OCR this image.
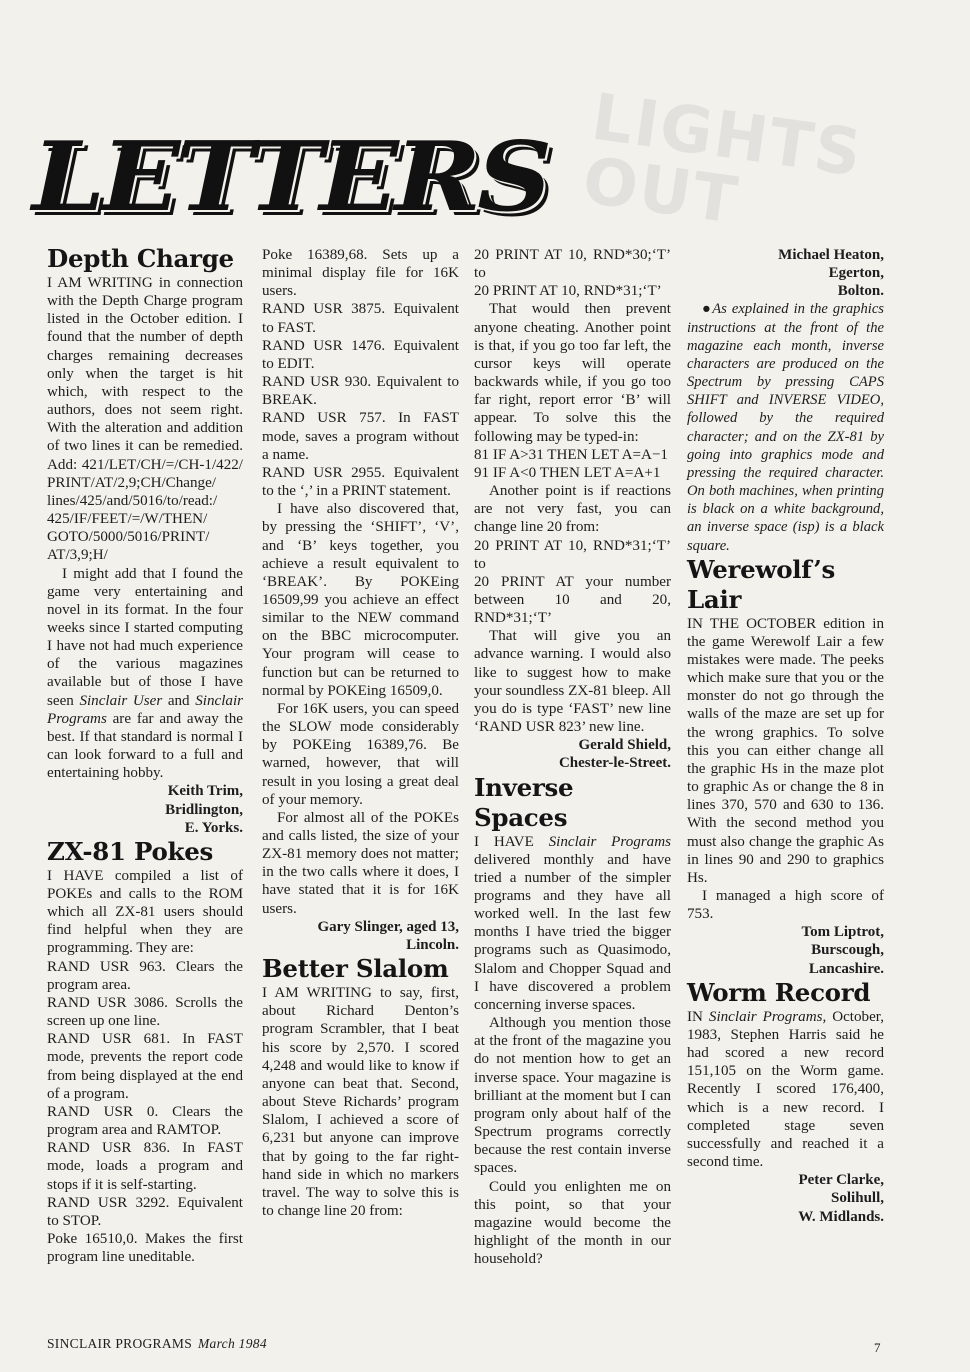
LIGHTS OUT
LETTERS
Depth Charge

I AM WRITING in connection with the Depth Charge program listed in the October edition. I found that the number of depth charges remaining decreases only when the target is hit which, with respect to the authors, does not seem right. With the alteration and addition of two lines it can be remedied. Add: 421/LET/CH/=/CH-1/422/ PRINT/AT/2,9;CH/Change/ lines/425/and/5016/to/read:/ 425/IF/FEET/=/W/THEN/ GOTO/5000/5016/PRINT/ AT/3,9;H/

I might add that I found the game very entertaining and novel in its format. In the four weeks since I started computing I have not had much experience of the various magazines available but of those I have seen Sinclair User and Sinclair Programs are far and away the best. If that standard is normal I can look forward to a full and entertaining hobby.

Keith Trim,
Bridlington,
E. Yorks.
ZX-81 Pokes

I HAVE compiled a list of POKEs and calls to the ROM which all ZX-81 users should find helpful when they are programming. They are:

RAND USR 963. Clears the program area.

RAND USR 3086. Scrolls the screen up one line.

RAND USR 681. In FAST mode, prevents the report code from being displayed at the end of a program.

RAND USR 0. Clears the program area and RAMTOP.

RAND USR 836. In FAST mode, loads a program and stops if it is self-starting.

RAND USR 3292. Equivalent to STOP.

Poke 16510,0. Makes the first program line uneditable.

Poke 16389,68. Sets up a minimal display file for 16K users.

RAND USR 3875. Equivalent to FAST.

RAND USR 1476. Equivalent to EDIT.

RAND USR 930. Equivalent to BREAK.

RAND USR 757. In FAST mode, saves a program without a name.

RAND USR 2955. Equivalent to the ‘,’ in a PRINT statement.

I have also discovered that, by pressing the ‘SHIFT’, ‘V’, and ‘B’ keys together, you achieve a result equivalent to ‘BREAK’. By POKEing 16509,99 you achieve an effect similar to the NEW command on the BBC microcomputer. Your program will cease to function but can be returned to normal by POKEing 16509,0.

For 16K users, you can speed the SLOW mode considerably by POKEing 16389,76. Be warned, however, that will result in you losing a great deal of your memory.

For almost all of the POKEs and calls listed, the size of your ZX-81 memory does not matter; in the two calls where it does, I have stated that it is for 16K users.

Gary Slinger, aged 13,
Lincoln.
Better Slalom

I AM WRITING to say, first, about Richard Denton’s program Scrambler, that I beat his score by 2,570. I scored 4,248 and would like to know if anyone can beat that. Second, about Steve Richards’ program Slalom, I achieved a score of 6,231 but anyone can improve that by going to the far right-hand side in which no markers travel. The way to solve this is to change line 20 from:

20 PRINT AT 10, RND*30;‘T’ to

20 PRINT AT 10, RND*31;‘T’

That would then prevent anyone cheating. Another point is that, if you go too far left, the cursor keys will operate backwards while, if you go too far right, report error ‘B’ will appear. To solve this the following may be typed-in:

81 IF A>31 THEN LET A=A−1

91 IF A<0 THEN LET A=A+1

Another point is if reactions are not very fast, you can change line 20 from:

20 PRINT AT 10, RND*31;‘T’ to

20 PRINT AT your number between 10 and 20, RND*31;‘T’

That will give you an advance warning. I would also like to suggest how to make your soundless ZX-81 bleep. All you do is type ‘FAST’ new line ‘RAND USR 823’ new line.

Gerald Shield,
Chester-le-Street.
Inverse Spaces

I HAVE Sinclair Programs delivered monthly and have tried a number of the simpler programs and they have all worked well. In the last few months I have tried the bigger programs such as Quasimodo, Slalom and Chopper Squad and I have discovered a problem concerning inverse spaces.

Although you mention those at the front of the magazine you do not mention how to get an inverse space. Your magazine is brilliant at the moment but I can program only about half of the Spectrum programs correctly because the rest contain inverse spaces.

Could you enlighten me on this point, so that your magazine would become the highlight of the month in our household?

Michael Heaton,
Egerton,
Bolton.

●As explained in the graphics instructions at the front of the magazine each month, inverse characters are produced on the Spectrum by pressing CAPS SHIFT and INVERSE VIDEO, followed by the required character; and on the ZX-81 by going into graphics mode and pressing the required character. On both machines, when printing is black on a white background, an inverse space (isp) is a black square.

Werewolf’s Lair

IN THE OCTOBER edition in the game Werewolf Lair a few mistakes were made. The peeks which make sure that you or the monster do not go through the walls of the maze are set up for the wrong graphics. To solve this you can either change all the graphic Hs in the maze plot to graphic As or change the 8 in lines 370, 570 and 630 to 136. With the second method you must also change the graphic As in lines 90 and 290 to graphics Hs.

I managed a high score of 753.

Tom Liptrot,
Burscough,
Lancashire.
Worm Record

IN Sinclair Programs, October, 1983, Stephen Harris said he had scored a new record 151,105 on the Worm game. Recently I scored 176,400, which is a new record. I completed stage seven successfully and reached it a second time.

Peter Clarke,
Solihull,
W. Midlands.
SINCLAIR PROGRAMS March 1984	7
